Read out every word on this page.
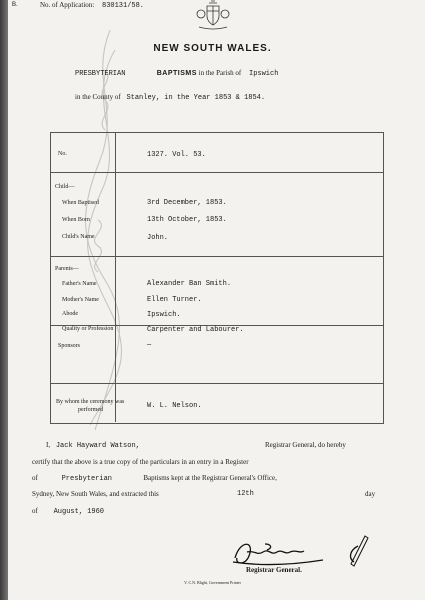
B.	No. of Application: 830131/58.
NEW SOUTH WALES.
PRESBYTERIAN	BAPTISMS in the Parish of Ipswich
in the County of Stanley, in the Year 1853 & 1854.
No.	1327. Vol. 53.
Child—
When Baptised	3rd December, 1853.
When Born	13th October, 1853.
Child's Name	John.
Parents—
Father's Name	Alexander Ban Smith.
Mother's Name	Ellen Turner.
Abode	Ipswich.
Quality or Profession	Carpenter and Labourer.
Sponsors	—
By whom the ceremony was
performed	W. L. Nelson.
I, Jack Hayward Watson,	Registrar General, do hereby
certify that the above is a true copy of the particulars in an entry in a Register
of	Presbyterian	Baptisms kept at the Registrar General's Office,
Sydney, New South Wales, and extracted this	12th	day
of August, 1960
Registrar General.
V. C.N. Blight, Government Printer
